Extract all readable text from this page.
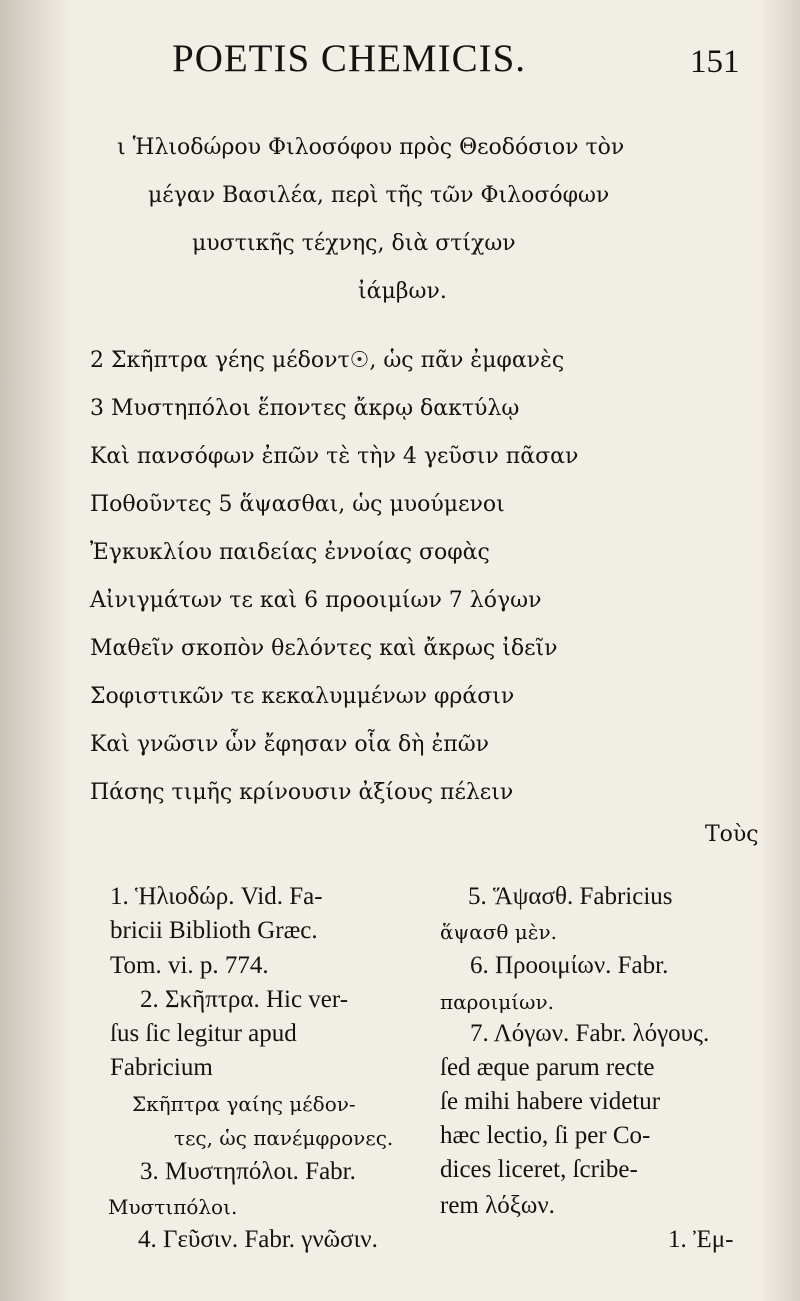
POETIS CHEMICIS.	151
ι Ἡλιοδώρου Φιλοσόφου πρὸς Θεοδόσιον τὸν
μέγαν Βασιλέα, περὶ τῆς τῶν Φιλοσόφων
μυστικῆς τέχνης, διὰ στίχων
ἰάμβων.
2 Σκῆπτρα γέης μέδοντ☉, ὡς πᾶν ἐμφανὲς
3 Μυστηπόλοι ἕποντες ἄκρῳ δακτύλῳ
Καὶ πανσόφων ἐπῶν τὲ τὴν 4 γεῦσιν πᾶσαν
Ποθοῦντες 5 ἅψασθαι, ὡς μυούμενοι
Ἐγκυκλίου παιδείας ἐννοίας σοφὰς
Αἰνιγμάτων τε καὶ 6 προοιμίων 7 λόγων
Μαθεῖν σκοπὸν θελόντες καὶ ἄκρως ἰδεῖν
Σοφιστικῶν τε κεκαλυμμένων φράσιν
Καὶ γνῶσιν ὧν ἔφησαν οἷα δὴ ἐπῶν
Πάσης τιμῆς κρίνουσιν ἀξίους πέλειν
Τοὺς
1. Ἡλιοδώρ. Vid. Fa-
bricii Biblioth Græc.
Tom. vi. p. 774.
2. Σκῆπτρα. Hic ver-
ſus ſic legitur apud
Fabricium
Σκῆπτρα γαίης μέδον-
τες, ὡς πανέμφρονες.
3. Μυστηπόλοι. Fabr.
Μυστιπόλοι.
4. Γεῦσιν. Fabr. γνῶσιν.
5. Ἅψασθ. Fabricius
ἅψασθ μὲν.
6. Προοιμίων. Fabr.
παροιμίων.
7. Λόγων. Fabr. λόγους.
ſed æque parum recte
ſe mihi habere videtur
hæc lectio, ſi per Co-
dices liceret, ſcribe-
rem λόξων.
1. Ἐμ-
